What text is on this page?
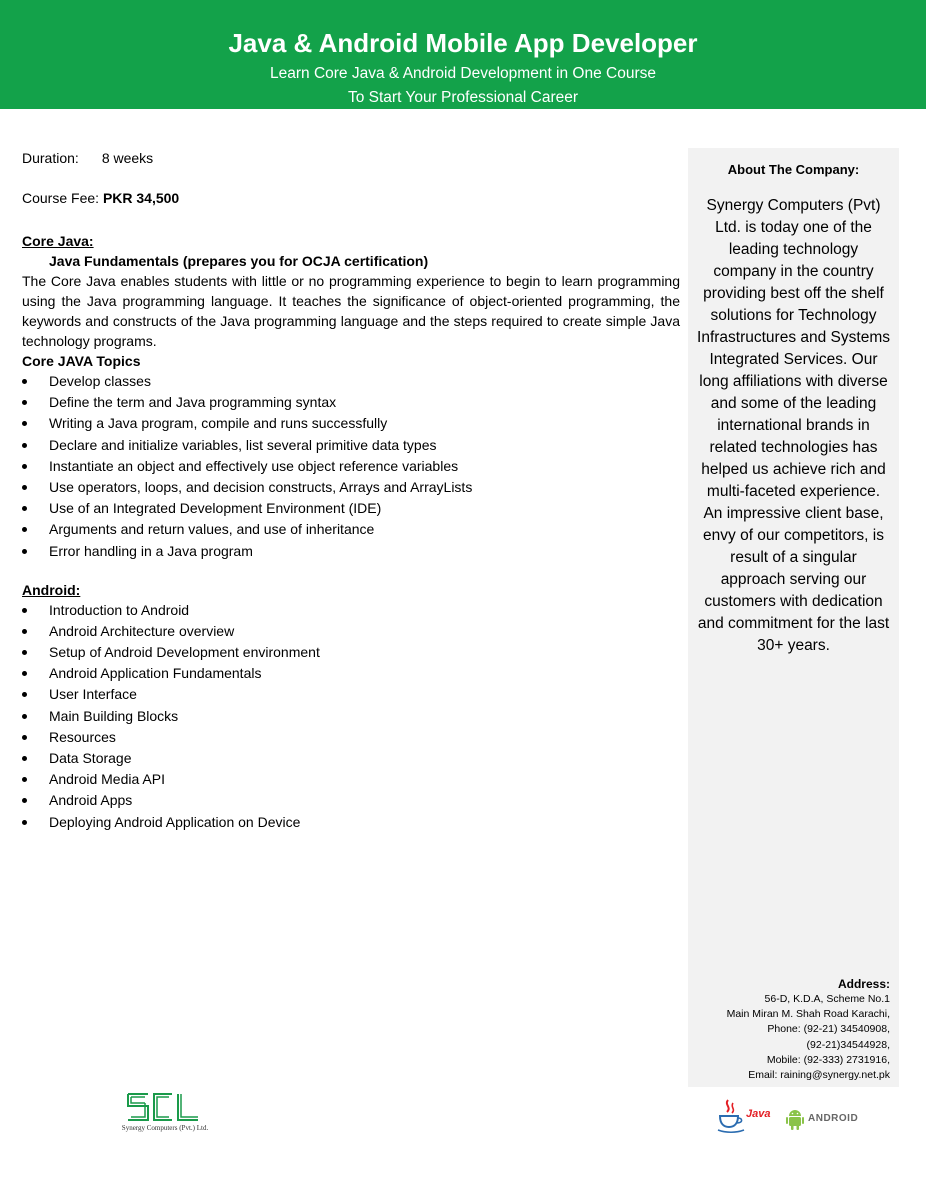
Java & Android Mobile App Developer
Learn Core Java & Android Development in One Course
To Start Your Professional Career
Duration: 8 weeks
Course Fee: PKR 34,500
Core Java:
Java Fundamentals (prepares you for OCJA certification)
The Core Java enables students with little or no programming experience to begin to learn programming using the Java programming language. It teaches the significance of object-oriented programming, the keywords and constructs of the Java programming language and the steps required to create simple Java technology programs.
Core JAVA Topics
Develop classes
Define the term and Java programming syntax
Writing a Java program, compile and runs successfully
Declare and initialize variables, list several primitive data types
Instantiate an object and effectively use object reference variables
Use operators, loops, and decision constructs, Arrays and ArrayLists
Use of an Integrated Development Environment (IDE)
Arguments and return values, and use of inheritance
Error handling in a Java program
Android:
Introduction to Android
Android Architecture overview
Setup of Android Development environment
Android Application Fundamentals
User Interface
Main Building Blocks
Resources
Data Storage
Android Media API
Android Apps
Deploying Android Application on Device
About The Company:
Synergy Computers (Pvt) Ltd. is today one of the leading technology company in the country providing best off the shelf solutions for Technology Infrastructures and Systems Integrated Services. Our long affiliations with diverse and some of the leading international brands in related technologies has helped us achieve rich and multi-faceted experience. An impressive client base, envy of our competitors, is result of a singular approach serving our customers with dedication and commitment for the last 30+ years.
Address:
56-D, K.D.A, Scheme No.1
Main Miran M. Shah Road Karachi,
Phone: (92-21) 34540908,
(92-21)34544928,
Mobile: (92-333) 2731916,
Email: raining@synergy.net.pk
Synergy Computers (Pvt.) Ltd.
Java	ANDROID
